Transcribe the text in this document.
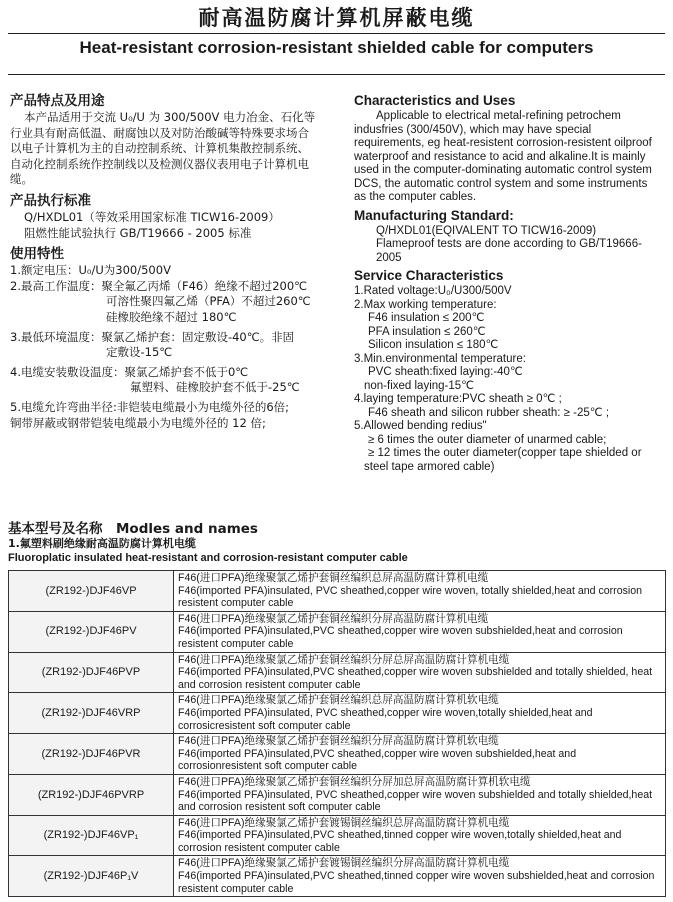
耐高温防腐计算机屏蔽电缆
Heat-resistant corrosion-resistant shielded cable for computers

产品特点及用途

本产品适用于交流 U₀/U 为 300/500V 电力冶金、石化等

行业具有耐高低温、耐腐蚀以及对防治酸碱等特殊要求场合

以电子计算机为主的自动控制系统、计算机集散控制系统、

自动化控制系统作控制线以及检测仪器仪表用电子计算机电

缆。

产品执行标准

Q/HXDL01（等效采用国家标准 TICW16-2009）

阻燃性能试验执行 GB/T19666 - 2005 标准

使用特性

1.额定电压：U₀/U为300/500V

2.最高工作温度：聚全氟乙丙烯（F46）绝缘不超过200℃

可溶性聚四氟乙烯（PFA）不超过260℃

硅橡胶绝缘不超过 180℃

3.最低环境温度：聚氯乙烯护套：固定敷设-40℃。非固

定敷设-15℃

4.电缆安装敷设温度：聚氯乙烯护套不低于0℃

氟塑料、硅橡胶护套不低于-25℃

5.电缆允许弯曲半径:非铠装电缆最小为电缆外径的6倍;

铜带屏蔽或钢带铠装电缆最小为电缆外径的 12 倍;

Characteristics and Uses

Applicable to electrical metal-refining petrochem

indusfries (300/450V), which may have special

requirements, eg heat-resistent corrosion-resistent oilproof

waterproof and resistance to acid and alkaline.It is mainly

used in the computer-dominating automatic control system

DCS, the automatic control system and some instruments

as the computer cables.

Manufacturing Standard:

Q/HXDL01(EQIVALENT TO TICW16-2009)

Flameproof tests are done according to GB/T19666-2005

Service Characteristics

1.Rated voltage:U₀/U300/500V

2.Max working temperature:

F46 insulation ≤ 200℃

PFA insulation ≤ 260℃

Silicon insulation ≤ 180℃

3.Min.environmental temperature:

PVC sheath:fixed laying:-40℃

non-fixed laying-15℃

4.laying temperature:PVC sheath ≥ 0℃ ;

F46 sheath and silicon rubber sheath: ≥ -25℃ ;

5.Allowed bending redius"

≥ 6 times the outer diameter of unarmed cable;

≥ 12 times the outer diameter(copper tape shielded or

steel tape armored cable)

基本型号及名称　Modles and names
1.氟塑料刷绝缘耐高温防腐计算机电缆
Fluoroplatic insulated heat-resistant and corrosion-resistant computer cable
(ZR192-)DJF46VP	F46(进口PFA)绝缘聚氯乙烯护套铜丝编织总屏高温防腐计算机电缆
F46(imported PFA)insulated, PVC sheathed,copper wire woven, totally shielded,heat and corrosion resistent computer cable

(ZR192-)DJF46PV	F46(进口PFA)绝缘聚氯乙烯护套铜丝编织分屏高温防腐计算机电缆
F46(imported PFA)insulated,PVC sheathed,copper wire woven subshielded,heat and corrosion resistent computer cable

(ZR192-)DJF46PVP	F46(进口PFA)绝缘聚氯乙烯护套铜丝编织分屏总屏高温防腐计算机电缆
F46(imported PFA)insulated,PVC sheathed,copper wire woven subshielded and totally shielded, heat and corrosion resistent computer cable

(ZR192-)DJF46VRP	F46(进口PFA)绝缘聚氯乙烯护套铜丝编织总屏高温防腐计算机软电缆
F46(imported PFA)insulated, PVC sheathed,copper wire woven,totally shielded,heat and corrosicresistent soft computer cable

(ZR192-)DJF46PVR	F46(进口PFA)绝缘聚氯乙烯护套铜丝编织分屏高温防腐计算机软电缆
F46(imported PFA)insulated,PVC sheathed,copper wire woven subshielded,heat and corrosionresistent soft computer cable

(ZR192-)DJF46PVRP	F46(进口PFA)绝缘聚氯乙烯护套铜丝编织分屏加总屏高温防腐计算机软电缆
F46(imported PFA)insulated, PVC sheathed,copper wire woven subshielded and totally shielded,heat and corrosion resistent soft computer cable

(ZR192-)DJF46VP₁	F46(进口PFA)绝缘聚氯乙烯护套镀锡铜丝编织总屏高温防腐计算机电缆
F46(imported PFA)insulated,PVC sheathed,tinned copper wire woven,totally shielded,heat and corrosion resistent computer cable

(ZR192-)DJF46P₁V	F46(进口PFA)绝缘聚氯乙烯护套镀锡铜丝编织分屏高温防腐计算机电缆
F46(imported PFA)insulated,PVC sheathed,tinned copper wire woven subshielded,heat and corrosion resistent computer cable
